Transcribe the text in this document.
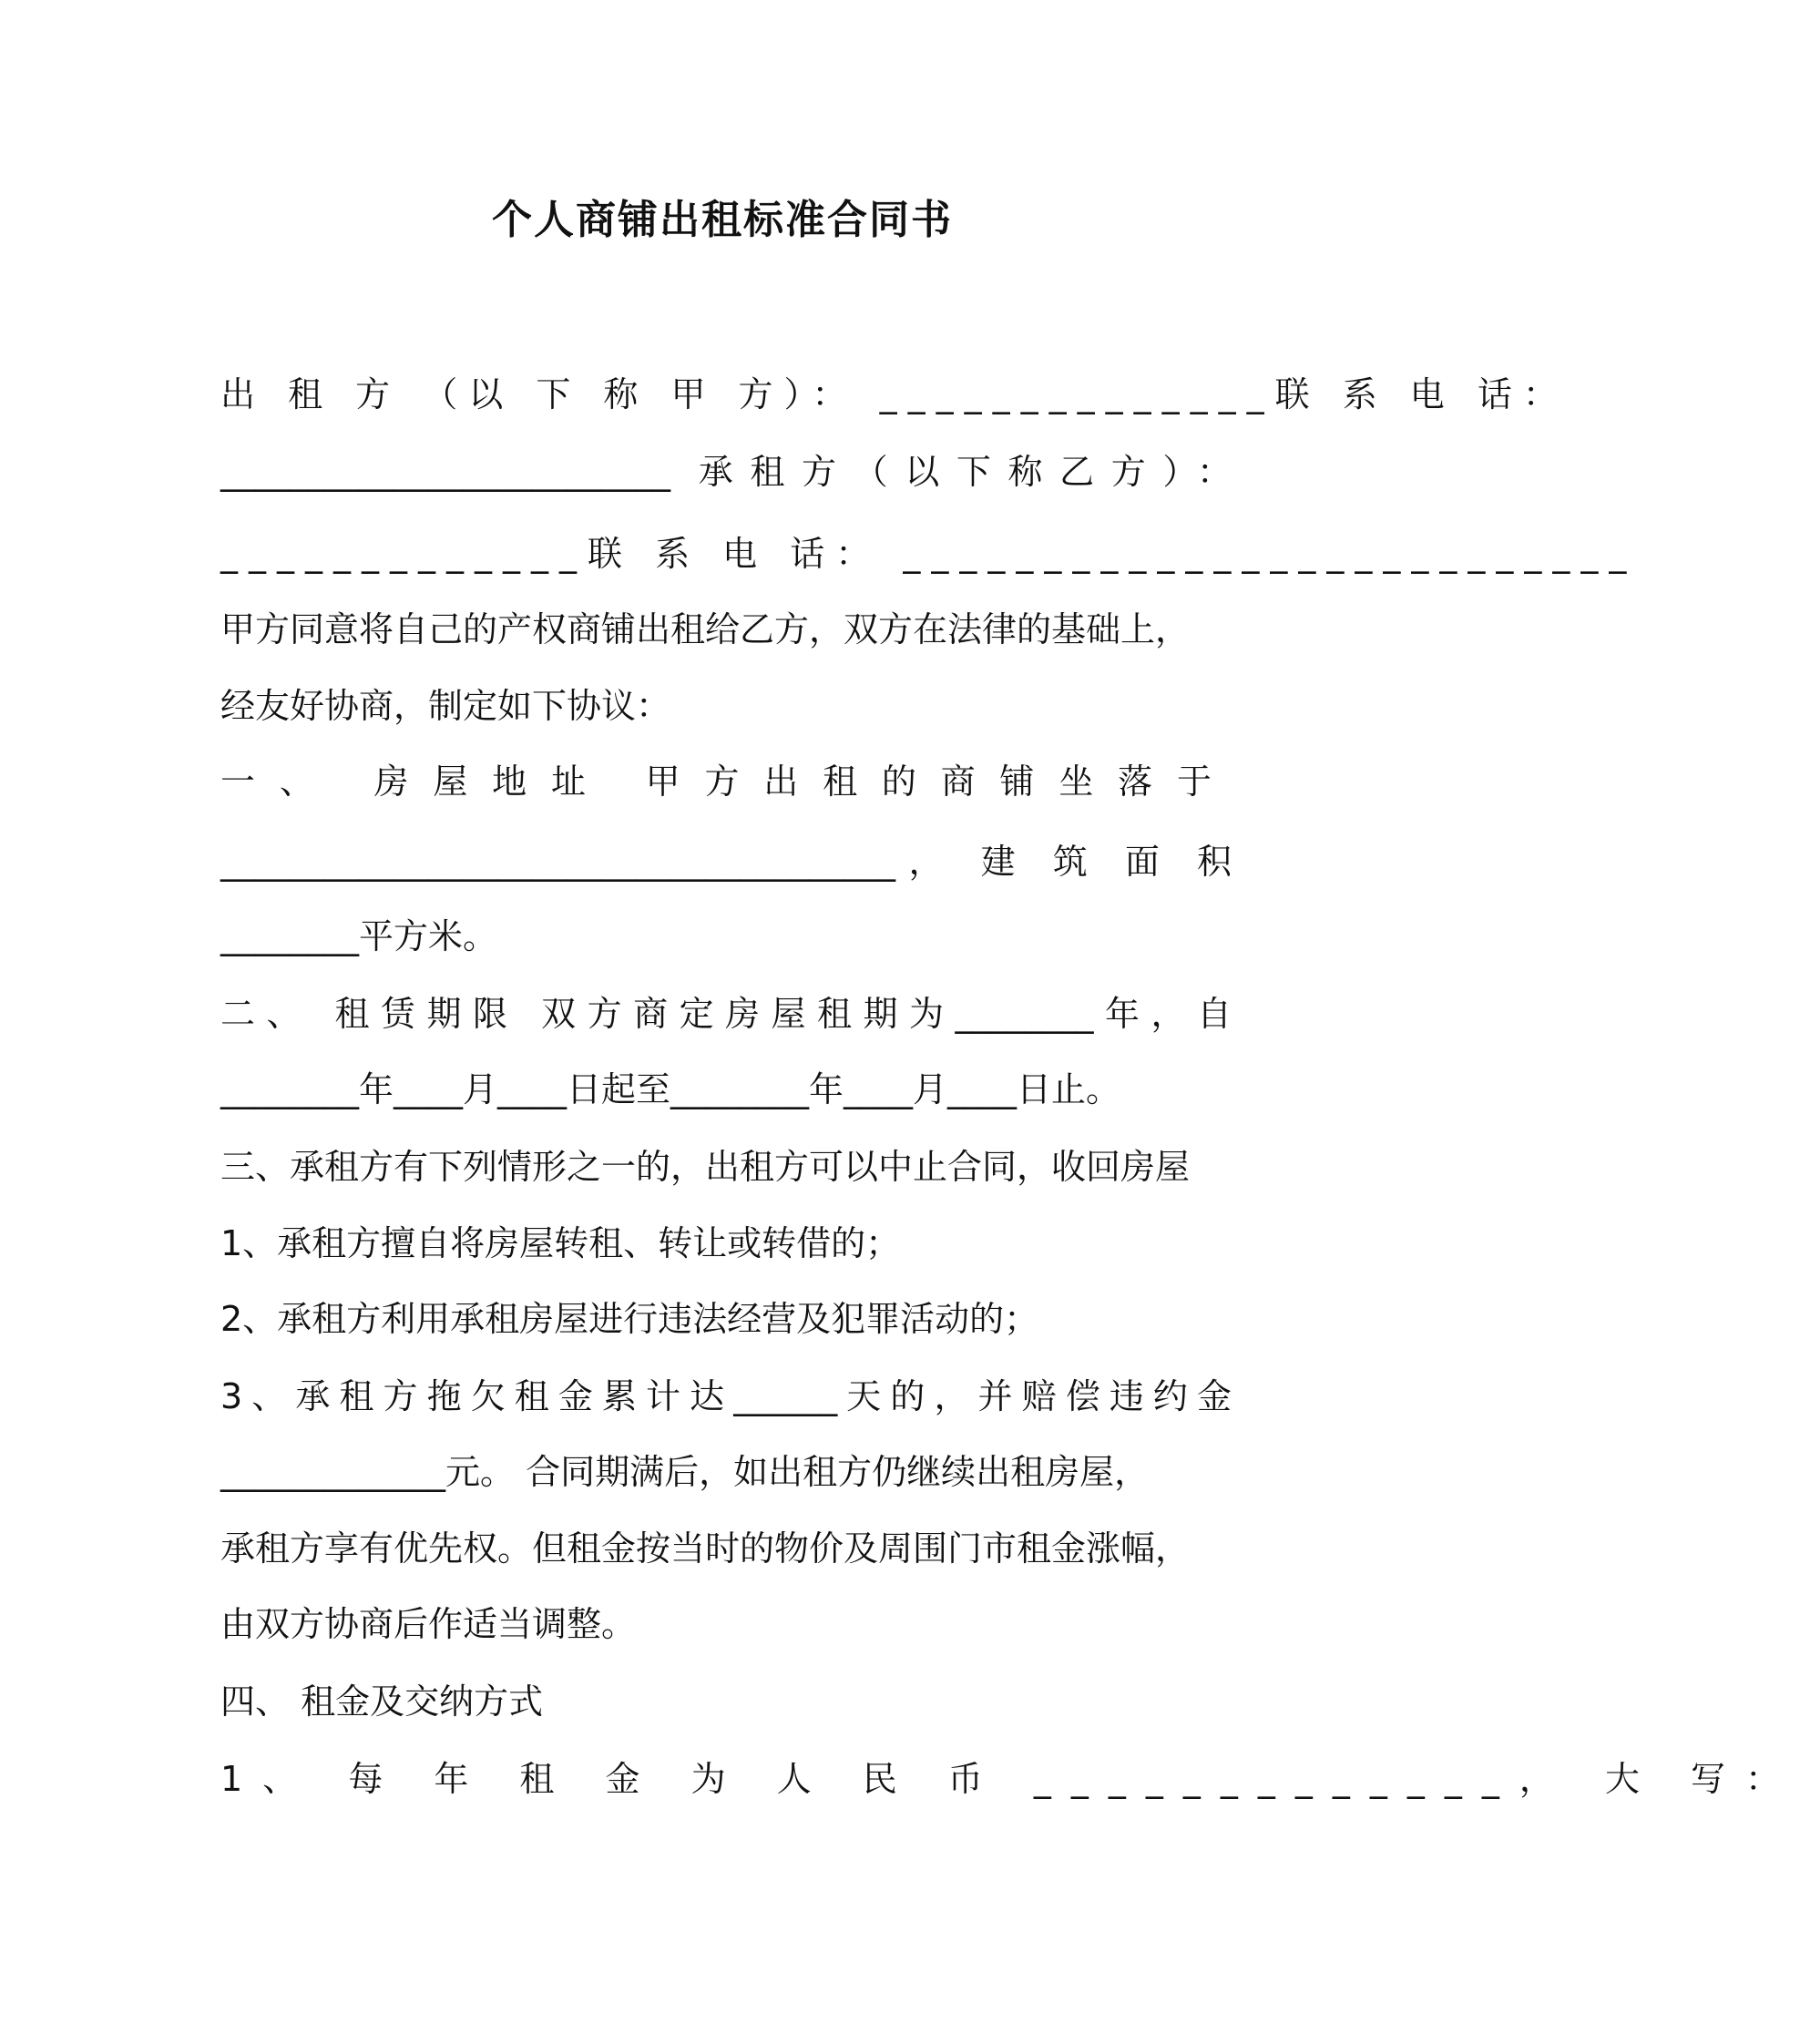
个人商铺出租标准合同书
出 租 方 （以 下 称 甲 方）： ______________联 系 电 话：
__________________________ 承租方（以下称乙方）：
_____________联 系 电 话： __________________________
甲方同意将自己的产权商铺出租给乙方，双方在法律的基础上，
经友好协商，制定如下协议：
一、 房屋地址 甲方出租的商铺坐落于
_______________________________________， 建 筑 面 积
________平方米。
二、 租赁期限 双方商定房屋租期为________年，自
________年____月____日起至________年____月____日止。
三、承租方有下列情形之一的，出租方可以中止合同，收回房屋
1、承租方擅自将房屋转租、转让或转借的；
2、承租方利用承租房屋进行违法经营及犯罪活动的；
3、承租方拖欠租金累计达______天的，并赔偿违约金
_____________元。 合同期满后，如出租方仍继续出租房屋，
承租方享有优先权。但租金按当时的物价及周围门市租金涨幅，
由双方协商后作适当调整。
四、 租金及交纳方式
1、 每 年 租 金 为 人 民 币 _____________， 大 写：
